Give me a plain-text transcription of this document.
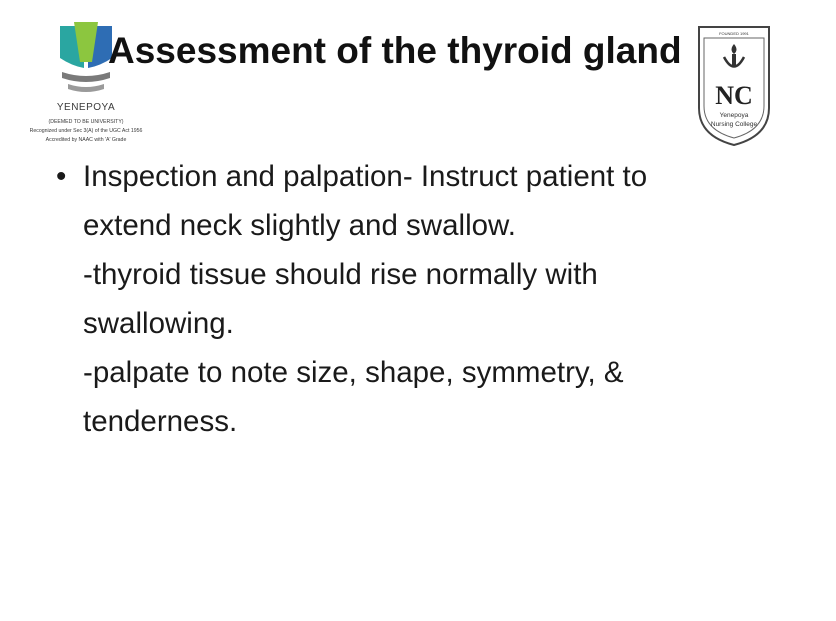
YENEPOYA
(DEEMED TO BE UNIVERSITY)
Recognized under Sec 3(A) of the UGC Act 1956
Accredited by NAAC with 'A' Grade
Assessment of the thyroid gland
NC
FOUNDED 1991
Yenepoya
Nursing College
• Inspection and palpation- Instruct patient to
extend neck slightly and swallow.
-thyroid tissue should rise normally with
swallowing.
-palpate to note size, shape, symmetry, &
tenderness.
